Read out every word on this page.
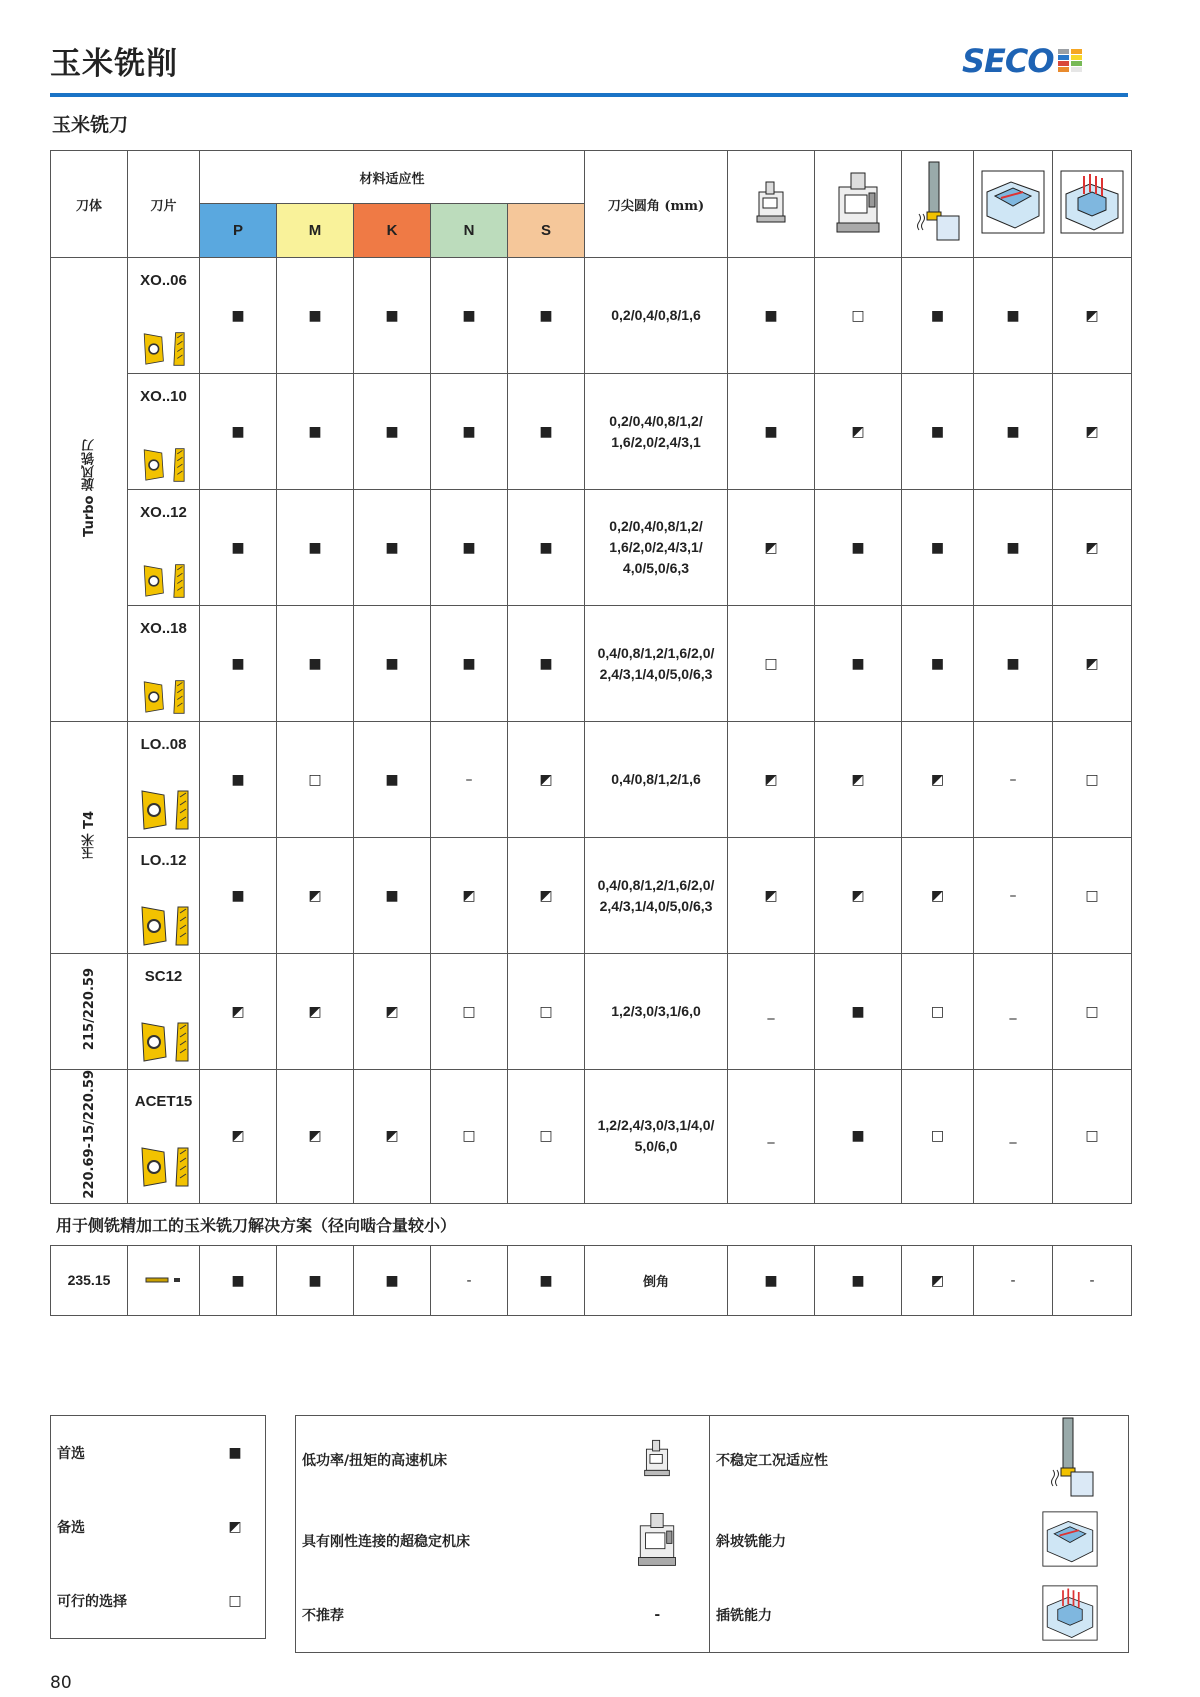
玉米铣削	SECO
玉米铣刀
刀体	刀片	材料适应性					刀尖圆角 (mm)					
		P	M	K	N	S						
Turbo 旋风铣刀	XO..06	■	■	■	■	■	0,2/0,4/0,8/1,6	■	□	■	■	◩

	XO..10	■	■	■	■	■	0,2/0,4/0,8/1,2/
1,6/2,0/2,4/3,1	■	◩	■	■	◩

	XO..12	■	■	■	■	■	0,2/0,4/0,8/1,2/
1,6/2,0/2,4/3,1/
4,0/5,0/6,3	◩	■	■	■	◩

	XO..18	■	■	■	■	■	0,4/0,8/1,2/1,6/2,0/
2,4/3,1/4,0/5,0/6,3	□	■	■	■	◩
玉米 T4	LO..08	■	□	■	–	◩	0,4/0,8/1,2/1,6	◩	◩	◩	–	□

	LO..12	■	◩	■	◩	◩	0,4/0,8/1,2/1,6/2,0/
2,4/3,1/4,0/5,0/6,3	◩	◩	◩	–	□
215/220.59	SC12	◩	◩	◩	□	□	1,2/3,0/3,1/6,0	_	■	□	_	□
220.69-15/220.59	ACET15	◩	◩	◩	□	□	1,2/2,4/3,0/3,1/4,0/
5,0/6,0	_	■	□	_	□
用于侧铣精加工的玉米铣刀解决方案（径向啮合量较小）
235.15		■	■	■	-	■	倒角	■	■	◩	-	-
首选	■
备选	◩
可行的选择	□
低功率/扭矩的高速机床		不稳定工况适应性	
具有刚性连接的超稳定机床		斜坡铣能力	
不推荐	-	插铣能力	
80
